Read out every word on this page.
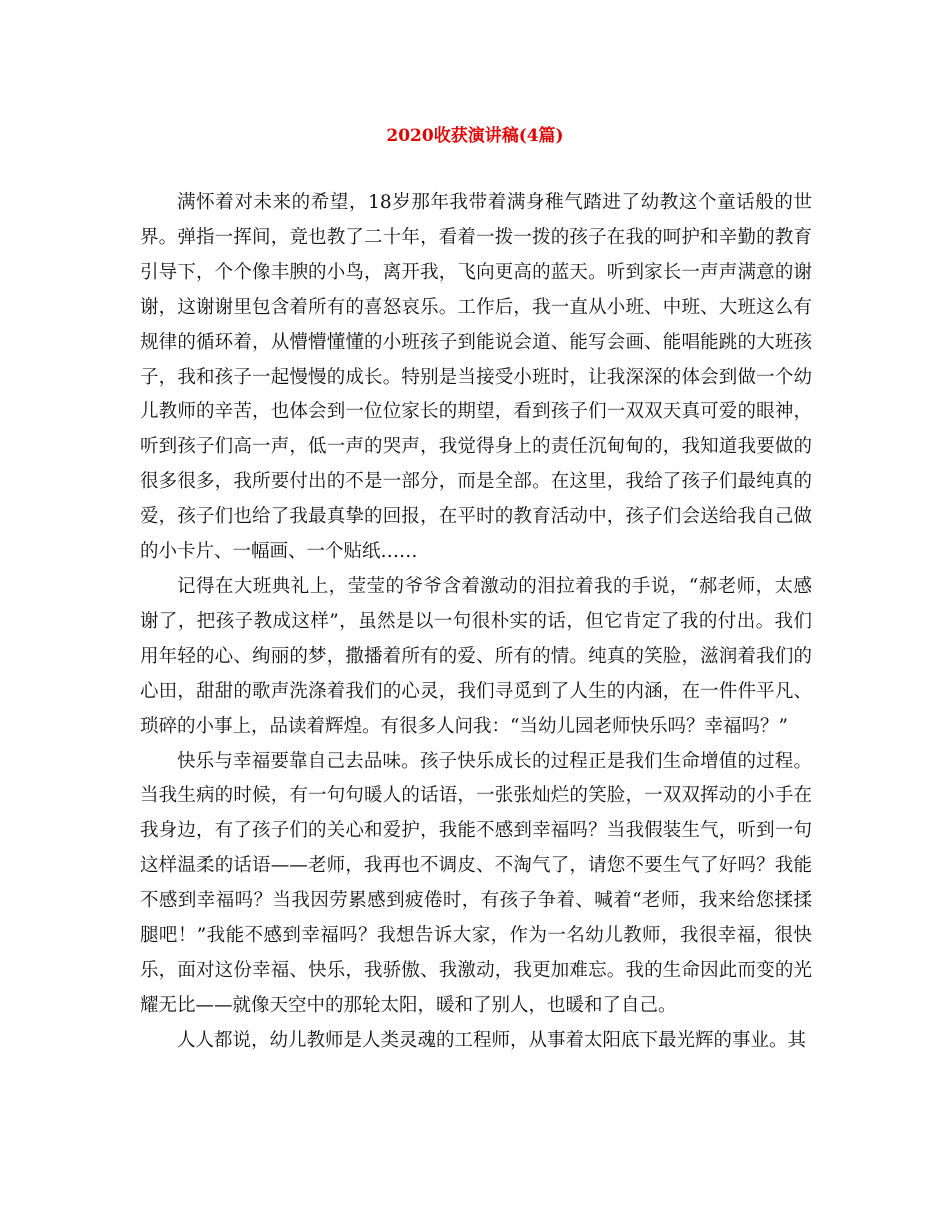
2020收获演讲稿(4篇)

满怀着对未来的希望，18岁那年我带着满身稚气踏进了幼教这个童话般的世界。弹指一挥间，竟也教了二十年，看着一拨一拨的孩子在我的呵护和辛勤的教育引导下，个个像丰腴的小鸟，离开我，飞向更高的蓝天。听到家长一声声满意的谢谢，这谢谢里包含着所有的喜怒哀乐。工作后，我一直从小班、中班、大班这么有规律的循环着，从懵懵懂懂的小班孩子到能说会道、能写会画、能唱能跳的大班孩子，我和孩子一起慢慢的成长。特别是当接受小班时，让我深深的体会到做一个幼儿教师的辛苦，也体会到一位位家长的期望，看到孩子们一双双天真可爱的眼神，听到孩子们高一声，低一声的哭声，我觉得身上的责任沉甸甸的，我知道我要做的很多很多，我所要付出的不是一部分，而是全部。在这里，我给了孩子们最纯真的爱，孩子们也给了我最真挚的回报，在平时的教育活动中，孩子们会送给我自己做的小卡片、一幅画、一个贴纸……

记得在大班典礼上，莹莹的爷爷含着激动的泪拉着我的手说，“郝老师，太感谢了，把孩子教成这样”，虽然是以一句很朴实的话，但它肯定了我的付出。我们用年轻的心、绚丽的梦，撒播着所有的爱、所有的情。纯真的笑脸，滋润着我们的心田，甜甜的歌声洗涤着我们的心灵，我们寻觅到了人生的内涵，在一件件平凡、琐碎的小事上，品读着辉煌。有很多人问我：“当幼儿园老师快乐吗？幸福吗？”

快乐与幸福要靠自己去品味。孩子快乐成长的过程正是我们生命增值的过程。当我生病的时候，有一句句暖人的话语，一张张灿烂的笑脸，一双双挥动的小手在我身边，有了孩子们的关心和爱护，我能不感到幸福吗？当我假装生气，听到一句这样温柔的话语——老师，我再也不调皮、不淘气了，请您不要生气了好吗？我能不感到幸福吗？当我因劳累感到疲倦时，有孩子争着、喊着“老师，我来给您揉揉腿吧！”我能不感到幸福吗？我想告诉大家，作为一名幼儿教师，我很幸福，很快乐，面对这份幸福、快乐，我骄傲、我激动，我更加难忘。我的生命因此而变的光耀无比——就像天空中的那轮太阳，暖和了别人，也暖和了自己。

人人都说，幼儿教师是人类灵魂的工程师，从事着太阳底下最光辉的事业。其
